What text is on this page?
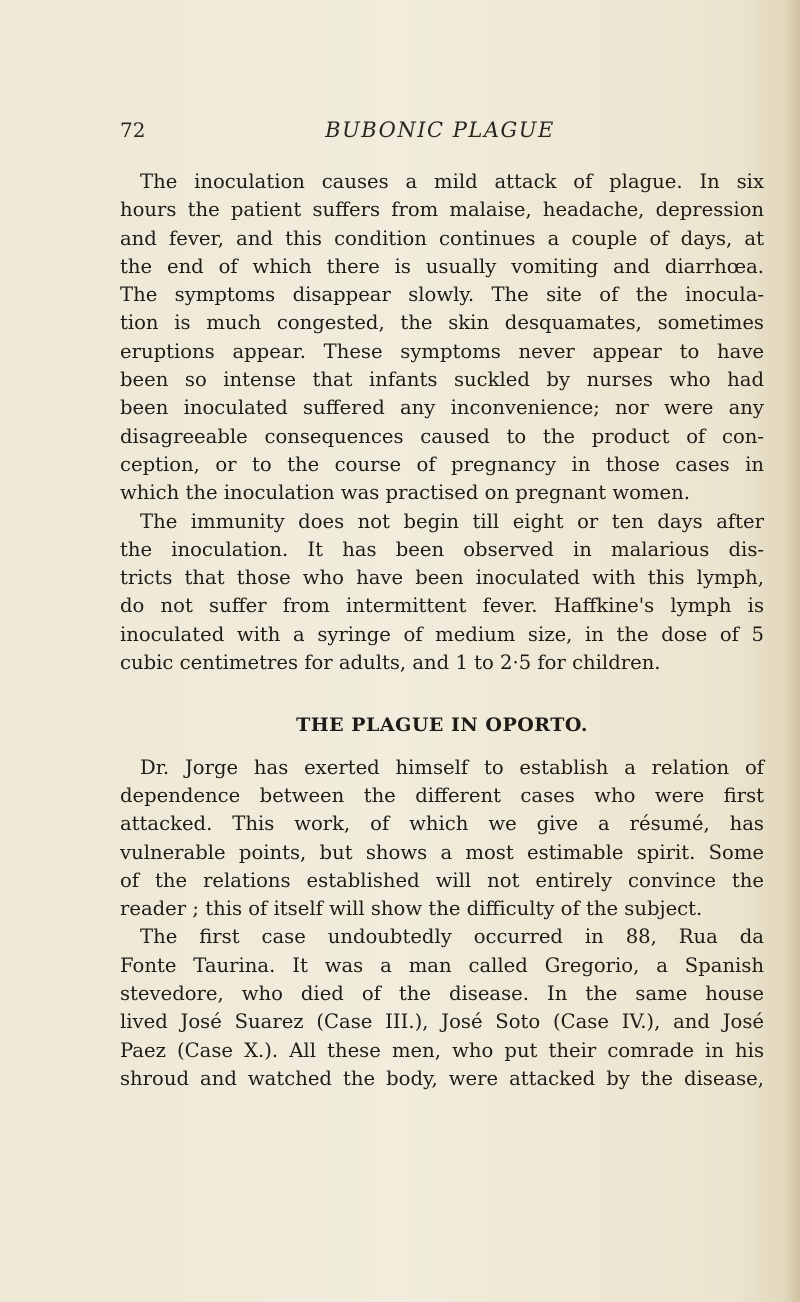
72	BUBONIC PLAGUE
The inoculation causes a mild attack of plague. In six
hours the patient suffers from malaise, headache, depression
and fever, and this condition continues a couple of days, at
the end of which there is usually vomiting and diarrhœa.
The symptoms disappear slowly. The site of the inocula-
tion is much congested, the skin desquamates, sometimes
eruptions appear. These symptoms never appear to have
been so intense that infants suckled by nurses who had
been inoculated suffered any inconvenience; nor were any
disagreeable consequences caused to the product of con-
ception, or to the course of pregnancy in those cases in
which the inoculation was practised on pregnant women.
The immunity does not begin till eight or ten days after
the inoculation. It has been observed in malarious dis-
tricts that those who have been inoculated with this lymph,
do not suffer from intermittent fever. Haffkine's lymph is
inoculated with a syringe of medium size, in the dose of 5
cubic centimetres for adults, and 1 to 2·5 for children.
THE PLAGUE IN OPORTO.
Dr. Jorge has exerted himself to establish a relation of
dependence between the different cases who were first
attacked. This work, of which we give a résumé, has
vulnerable points, but shows a most estimable spirit. Some
of the relations established will not entirely convince the
reader ; this of itself will show the difficulty of the subject.
The first case undoubtedly occurred in 88, Rua da
Fonte Taurina. It was a man called Gregorio, a Spanish
stevedore, who died of the disease. In the same house
lived José Suarez (Case III.), José Soto (Case IV.), and José
Paez (Case X.). All these men, who put their comrade in his
shroud and watched the body, were attacked by the disease,
